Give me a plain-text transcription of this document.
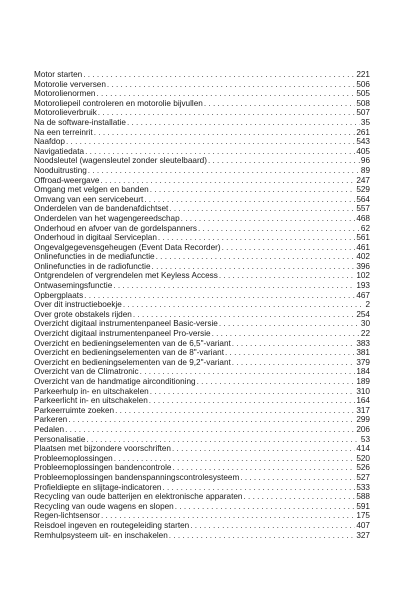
Motor starten . . .	221
Motorolie verversen . . .	506
Motorolienormen . . .	505
Motoroliepeil controleren en motorolie bijvullen . . .	508
Motorolieverbruik . . .	507
Na de software-installatie . . .	35
Na een terreinrit . . .	261
Naafdop . . .	543
Navigatiedata . . .	405
Noodsleutel (wagensleutel zonder sleutelbaard) . . .	96
Nooduitrusting . . .	89
Offroad-weergave . . .	247
Omgang met velgen en banden . . .	529
Omvang van een servicebeurt . . .	564
Onderdelen van de bandenafdichtset . . .	557
Onderdelen van het wagengereedschap . . .	468
Onderhoud en afvoer van de gordelspanners . . .	62
Onderhoud in digitaal Serviceplan . . .	561
Ongevalgegevensgeheugen (Event Data Recorder) . . .	461
Onlinefuncties in de mediafunctie . . .	402
Onlinefuncties in de radiofunctie . . .	396
Ontgrendelen of vergrendelen met Keyless Access . . .	102
Ontwasemingsfunctie . . .	193
Opbergplaats . . .	467
Over dit instructieboekje . . .	2
Over grote obstakels rijden . . .	254
Overzicht digitaal instrumentenpaneel Basic-versie . . .	30
Overzicht digitaal instrumentenpaneel Pro-versie . . .	22
Overzicht en bedieningselementen van de 6,5"-variant . . .	383
Overzicht en bedieningselementen van de 8"-variant . . .	381
Overzicht en bedieningselementen van de 9,2"-variant . . .	379
Overzicht van de Climatronic . . .	184
Overzicht van de handmatige airconditioning . . .	189
Parkeerhulp in- en uitschakelen . . .	310
Parkeerlicht in- en uitschakelen . . .	164
Parkeerruimte zoeken . . .	317
Parkeren . . .	299
Pedalen . . .	206
Personalisatie . . .	53
Plaatsen met bijzondere voorschriften . . .	414
Probleemoplossingen . . .	520
Probleemoplossingen bandencontrole . . .	526
Probleemoplossingen bandenspanningscontrolesysteem . . .	527
Profieldiepte en slijtage-indicatoren . . .	533
Recycling van oude batterijen en elektronische apparaten . . .	588
Recycling van oude wagens en slopen . . .	591
Regen-lichtsensor . . .	175
Reisdoel ingeven en routegeleiding starten . . .	407
Remhulpsysteem uit- en inschakelen . . .	327
